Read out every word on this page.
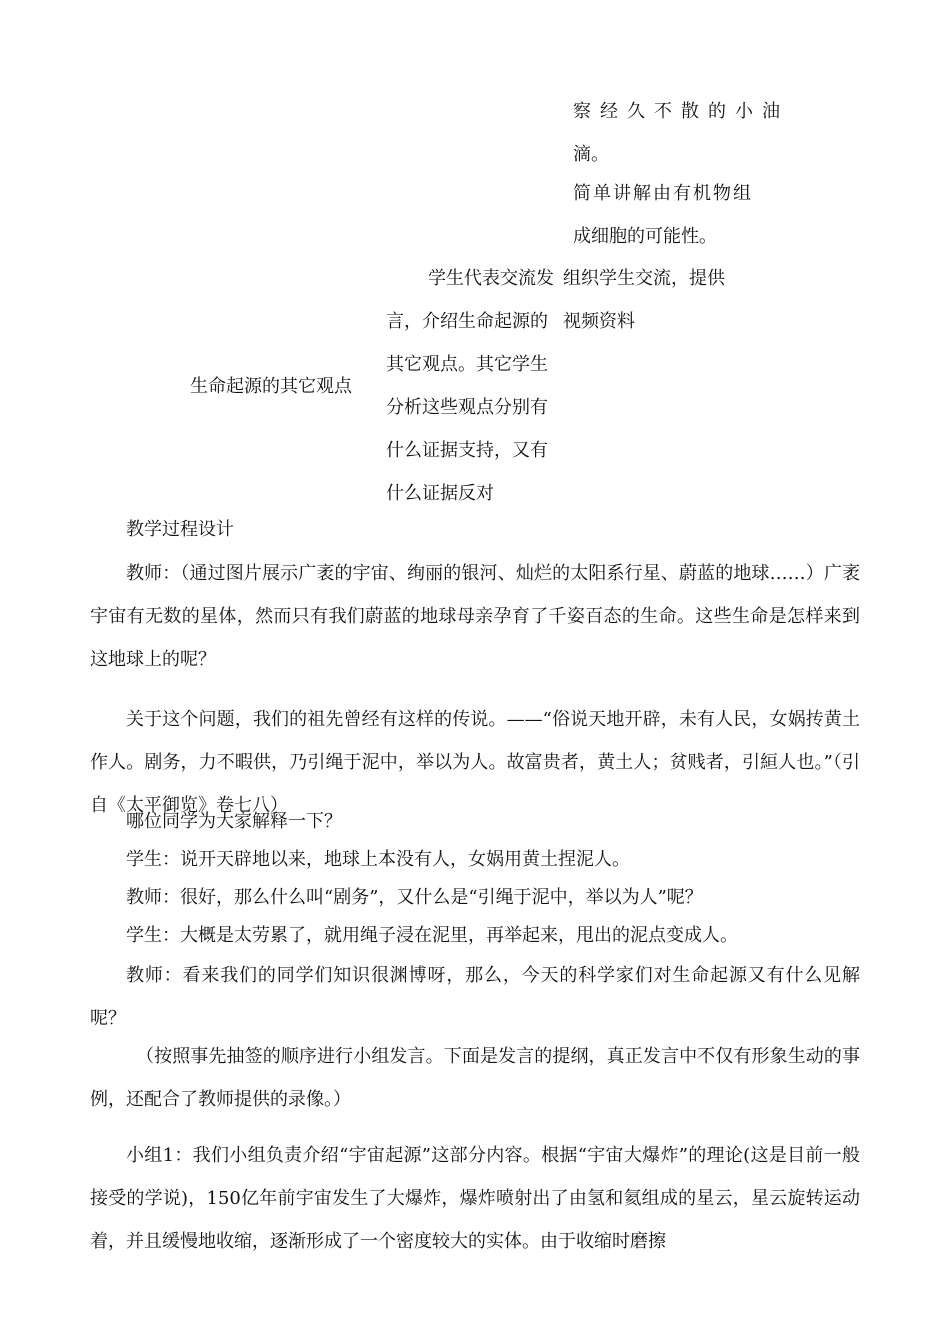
察经久不散的小油
滴。
简单讲解由有机物组
成细胞的可能性。
生命起源的其它观点
学生代表交流发
言，介绍生命起源的
其它观点。其它学生
分析这些观点分别有
什么证据支持，又有
什么证据反对
组织学生交流，提供
视频资料
教学过程设计

教师：（通过图片展示广袤的宇宙、绚丽的银河、灿烂的太阳系行星、蔚蓝的地球……）广袤宇宙有无数的星体，然而只有我们蔚蓝的地球母亲孕育了千姿百态的生命。这些生命是怎样来到这地球上的呢？

关于这个问题，我们的祖先曾经有这样的传说。——“俗说天地开辟，未有人民，女娲抟黄土作人。剧务，力不暇供，乃引绳于泥中，举以为人。故富贵者，黄土人；贫贱者，引絙人也。”（引自《太平御览》卷七八）

哪位同学为大家解释一下？

学生：说开天辟地以来，地球上本没有人，女娲用黄土捏泥人。

教师：很好，那么什么叫“剧务”，又什么是“引绳于泥中，举以为人”呢？

学生：大概是太劳累了，就用绳子浸在泥里，再举起来，甩出的泥点变成人。

教师：看来我们的同学们知识很渊博呀，那么，今天的科学家们对生命起源又有什么见解呢？

（按照事先抽签的顺序进行小组发言。下面是发言的提纲，真正发言中不仅有形象生动的事例，还配合了教师提供的录像。）

小组1：我们小组负责介绍“宇宙起源”这部分内容。根据“宇宙大爆炸”的理论(这是目前一般接受的学说)，150亿年前宇宙发生了大爆炸，爆炸喷射出了由氢和氦组成的星云，星云旋转运动着，并且缓慢地收缩，逐渐形成了一个密度较大的实体。由于收缩时磨擦
